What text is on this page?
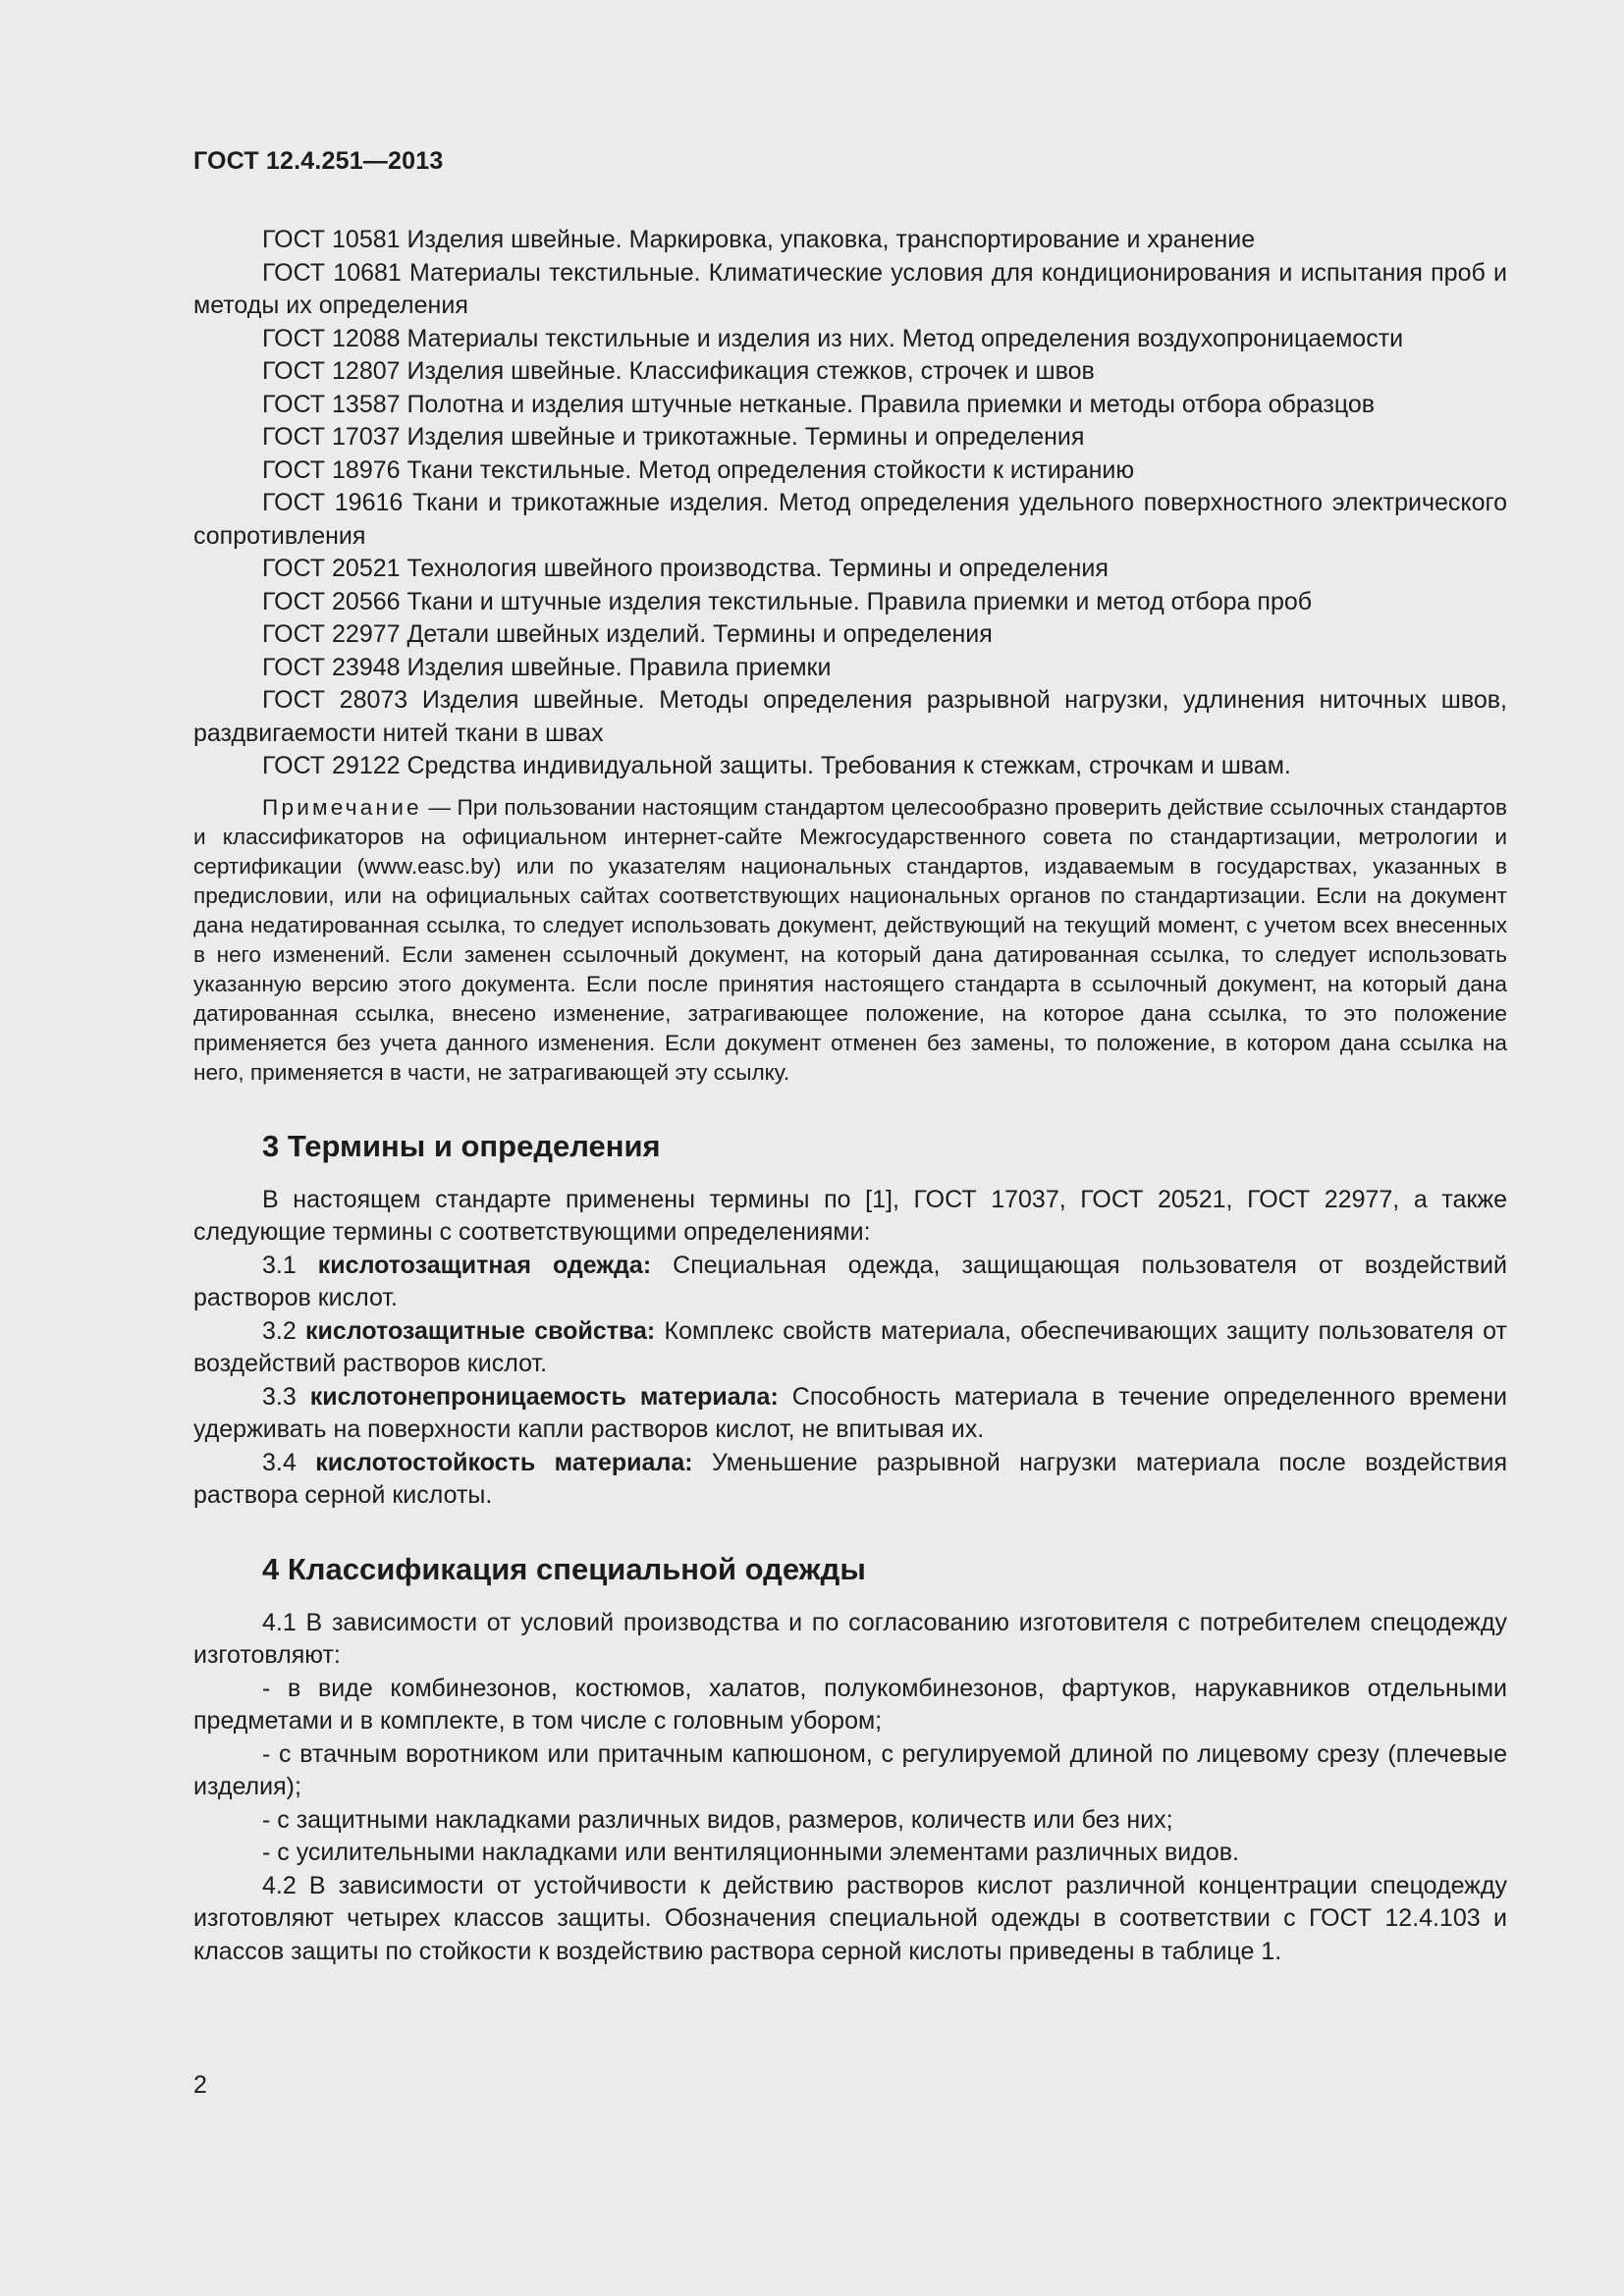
ГОСТ 12.4.251—2013

ГОСТ 10581 Изделия швейные. Маркировка, упаковка, транспортирование и хранение

ГОСТ 10681 Материалы текстильные. Климатические условия для кондиционирования и испытания проб и методы их определения

ГОСТ 12088 Материалы текстильные и изделия из них. Метод определения воздухопроницаемости

ГОСТ 12807 Изделия швейные. Классификация стежков, строчек и швов

ГОСТ 13587 Полотна и изделия штучные нетканые. Правила приемки и методы отбора образцов

ГОСТ 17037 Изделия швейные и трикотажные. Термины и определения

ГОСТ 18976 Ткани текстильные. Метод определения стойкости к истиранию

ГОСТ 19616 Ткани и трикотажные изделия. Метод определения удельного поверхностного электрического сопротивления

ГОСТ 20521 Технология швейного производства. Термины и определения

ГОСТ 20566 Ткани и штучные изделия текстильные. Правила приемки и метод отбора проб

ГОСТ 22977 Детали швейных изделий. Термины и определения

ГОСТ 23948 Изделия швейные. Правила приемки

ГОСТ 28073 Изделия швейные. Методы определения разрывной нагрузки, удлинения ниточных швов, раздвигаемости нитей ткани в швах

ГОСТ 29122 Средства индивидуальной защиты. Требования к стежкам, строчкам и швам.

Примечание — При пользовании настоящим стандартом целесообразно проверить действие ссылочных стандартов и классификаторов на официальном интернет-сайте Межгосударственного совета по стандартизации, метрологии и сертификации (www.easc.by) или по указателям национальных стандартов, издаваемым в государствах, указанных в предисловии, или на официальных сайтах соответствующих национальных органов по стандартизации. Если на документ дана недатированная ссылка, то следует использовать документ, действующий на текущий момент, с учетом всех внесенных в него изменений. Если заменен ссылочный документ, на который дана датированная ссылка, то следует использовать указанную версию этого документа. Если после принятия настоящего стандарта в ссылочный документ, на который дана датированная ссылка, внесено изменение, затрагивающее положение, на которое дана ссылка, то это положение применяется без учета данного изменения. Если документ отменен без замены, то положение, в котором дана ссылка на него, применяется в части, не затрагивающей эту ссылку.

3 Термины и определения

В настоящем стандарте применены термины по [1], ГОСТ 17037, ГОСТ 20521, ГОСТ 22977, а также следующие термины с соответствующими определениями:

3.1 кислотозащитная одежда: Специальная одежда, защищающая пользователя от воздействий растворов кислот.

3.2 кислотозащитные свойства: Комплекс свойств материала, обеспечивающих защиту пользователя от воздействий растворов кислот.

3.3 кислотонепроницаемость материала: Способность материала в течение определенного времени удерживать на поверхности капли растворов кислот, не впитывая их.

3.4 кислотостойкость материала: Уменьшение разрывной нагрузки материала после воздействия раствора серной кислоты.

4 Классификация специальной одежды

4.1 В зависимости от условий производства и по согласованию изготовителя с потребителем спецодежду изготовляют:

- в виде комбинезонов, костюмов, халатов, полукомбинезонов, фартуков, нарукавников отдельными предметами и в комплекте, в том числе с головным убором;

- с втачным воротником или притачным капюшоном, с регулируемой длиной по лицевому срезу (плечевые изделия);

- с защитными накладками различных видов, размеров, количеств или без них;

- с усилительными накладками или вентиляционными элементами различных видов.

4.2 В зависимости от устойчивости к действию растворов кислот различной концентрации спецодежду изготовляют четырех классов защиты. Обозначения специальной одежды в соответствии с ГОСТ 12.4.103 и классов защиты по стойкости к воздействию раствора серной кислоты приведены в таблице 1.

2
